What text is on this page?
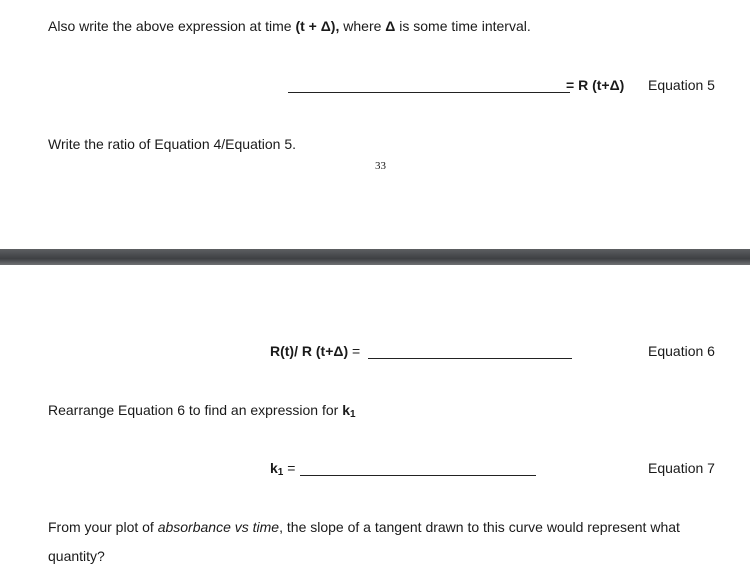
Also write the above expression at time (t + Δ), where Δ is some time interval.
= R (t+Δ) Equation 5
Write the ratio of Equation 4/Equation 5.
33
R(t)/ R (t+Δ) =	Equation 6
Rearrange Equation 6 to find an expression for $k_1$
$k_1$ =	Equation 7
From your plot of absorbance vs time, the slope of a tangent drawn to this curve would represent what
quantity?
